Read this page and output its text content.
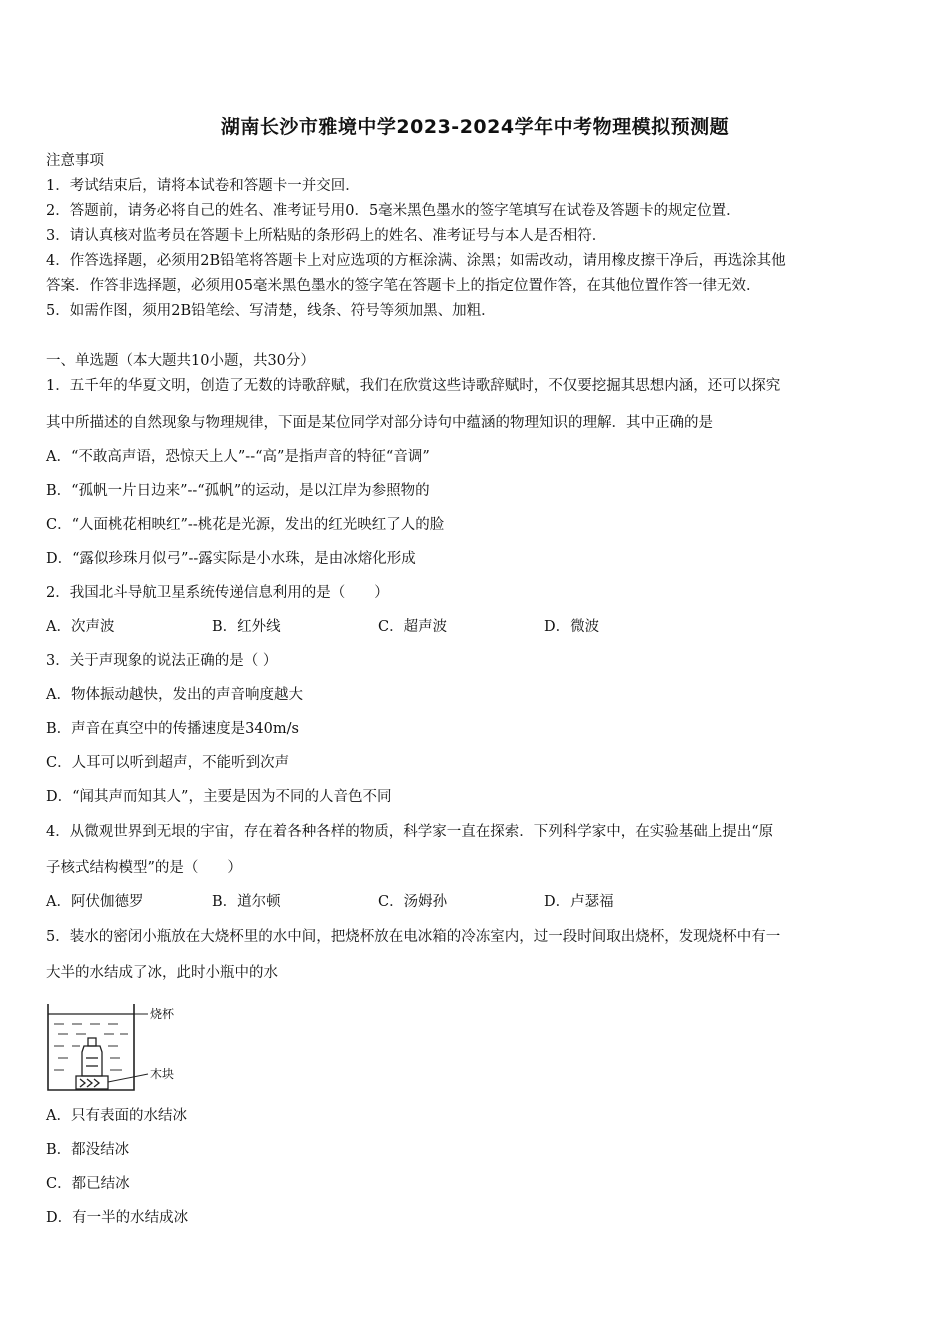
湖南长沙市雅境中学2023-2024学年中考物理模拟预测题
注意事项
1．考试结束后，请将本试卷和答题卡一并交回．
2．答题前，请务必将自己的姓名、准考证号用0．5毫米黑色墨水的签字笔填写在试卷及答题卡的规定位置．
3．请认真核对监考员在答题卡上所粘贴的条形码上的姓名、准考证号与本人是否相符．
4．作答选择题，必须用2B铅笔将答题卡上对应选项的方框涂满、涂黑；如需改动，请用橡皮擦干净后，再选涂其他
答案．作答非选择题，必须用05毫米黑色墨水的签字笔在答题卡上的指定位置作答，在其他位置作答一律无效．
5．如需作图，须用2B铅笔绘、写清楚，线条、符号等须加黑、加粗．
一、单选题（本大题共10小题，共30分）
1．五千年的华夏文明，创造了无数的诗歌辞赋，我们在欣赏这些诗歌辞赋时，不仅要挖掘其思想内涵，还可以探究
其中所描述的自然现象与物理规律，下面是某位同学对部分诗句中蕴涵的物理知识的理解．其中正确的是
A．“不敢高声语，恐惊天上人”--“高”是指声音的特征“音调”
B．“孤帆一片日边来”--“孤帆”的运动，是以江岸为参照物的
C．“人面桃花相映红”--桃花是光源，发出的红光映红了人的脸
D．“露似珍珠月似弓”--露实际是小水珠，是由冰熔化形成
2．我国北斗导航卫星系统传递信息利用的是（　　）
A．次声波	B．红外线	C．超声波	D．微波
3．关于声现象的说法正确的是（ ）
A．物体振动越快，发出的声音响度越大
B．声音在真空中的传播速度是340m/s
C．人耳可以听到超声，不能听到次声
D．“闻其声而知其人”，主要是因为不同的人音色不同
4．从微观世界到无垠的宇宙，存在着各种各样的物质，科学家一直在探索．下列科学家中，在实验基础上提出“原
子核式结构模型”的是（　　）
A．阿伏伽德罗	B．道尔顿	C．汤姆孙	D．卢瑟福
5．装水的密闭小瓶放在大烧杯里的水中间，把烧杯放在电冰箱的冷冻室内，过一段时间取出烧杯，发现烧杯中有一
大半的水结成了冰，此时小瓶中的水
烧杯
木块
A．只有表面的水结冰
B．都没结冰
C．都已结冰
D．有一半的水结成冰
